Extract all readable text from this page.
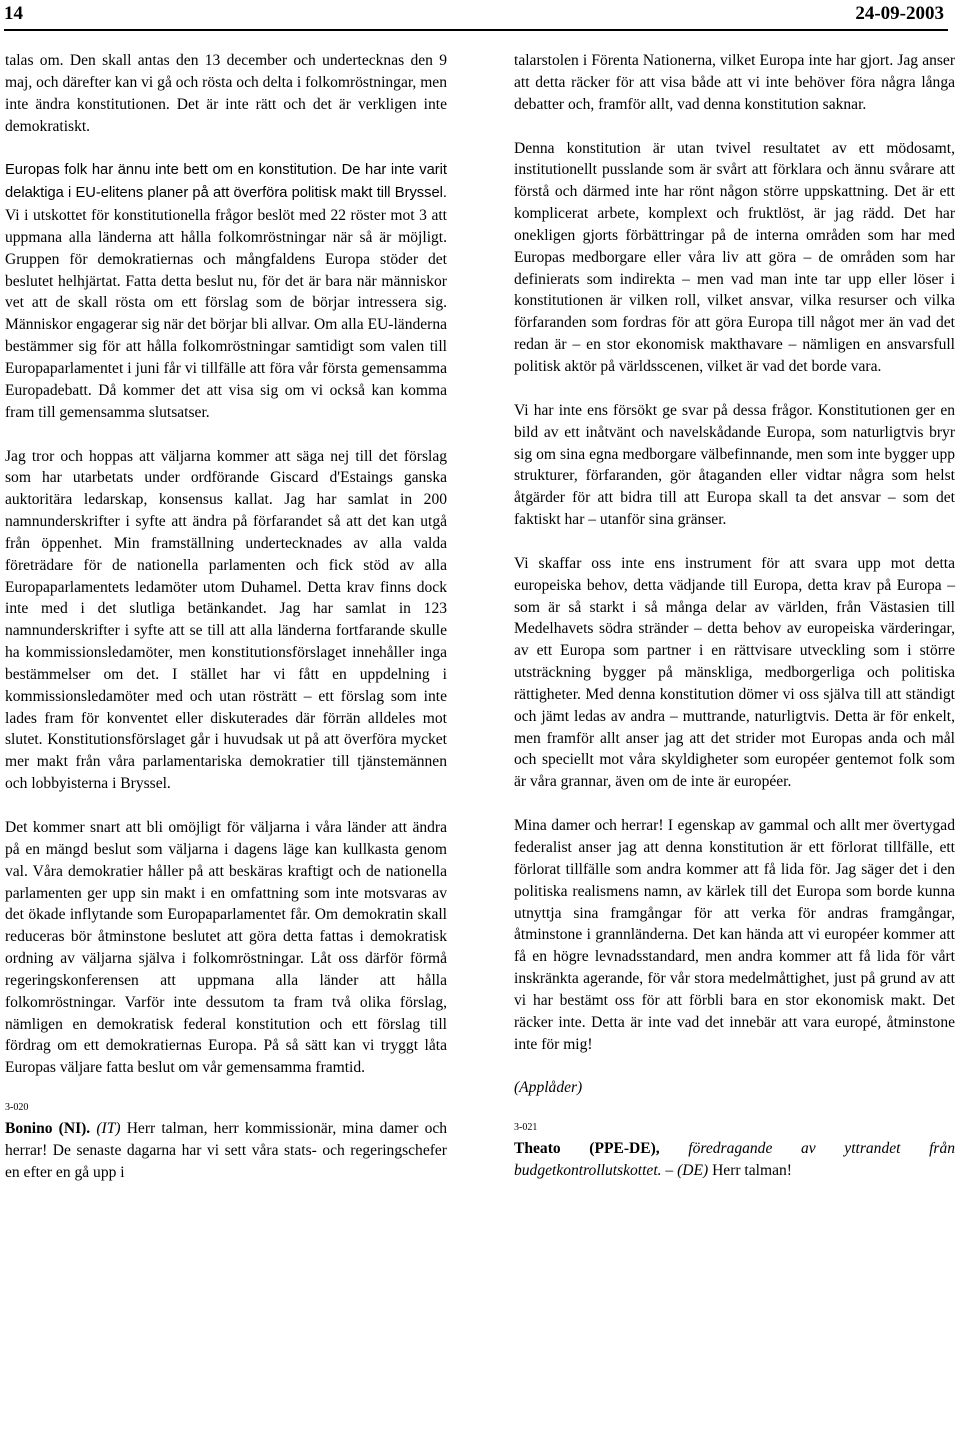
14	24-09-2003

talas om. Den skall antas den 13 december och undertecknas den 9 maj, och därefter kan vi gå och rösta och delta i folkomröstningar, men inte ändra konstitutionen. Det är inte rätt och det är verkligen inte demokratiskt.

Europas folk har ännu inte bett om en konstitution. De har inte varit delaktiga i EU-elitens planer på att överföra politisk makt till Bryssel. Vi i utskottet för konstitutionella frågor beslöt med 22 röster mot 3 att uppmana alla länderna att hålla folkomröstningar när så är möjligt. Gruppen för demokratiernas och mångfaldens Europa stöder det beslutet helhjärtat. Fatta detta beslut nu, för det är bara när människor vet att de skall rösta om ett förslag som de börjar intressera sig. Människor engagerar sig när det börjar bli allvar. Om alla EU-länderna bestämmer sig för att hålla folkomröstningar samtidigt som valen till Europaparlamentet i juni får vi tillfälle att föra vår första gemensamma Europadebatt. Då kommer det att visa sig om vi också kan komma fram till gemensamma slutsatser.

Jag tror och hoppas att väljarna kommer att säga nej till det förslag som har utarbetats under ordförande Giscard d'Estaings ganska auktoritära ledarskap, konsensus kallat. Jag har samlat in 200 namnunderskrifter i syfte att ändra på förfarandet så att det kan utgå från öppenhet. Min framställning undertecknades av alla valda företrädare för de nationella parlamenten och fick stöd av alla Europaparlamentets ledamöter utom Duhamel. Detta krav finns dock inte med i det slutliga betänkandet. Jag har samlat in 123 namnunderskrifter i syfte att se till att alla länderna fortfarande skulle ha kommissionsledamöter, men konstitutionsförslaget innehåller inga bestämmelser om det. I stället har vi fått en uppdelning i kommissionsledamöter med och utan rösträtt – ett förslag som inte lades fram för konventet eller diskuterades där förrän alldeles mot slutet. Konstitutionsförslaget går i huvudsak ut på att överföra mycket mer makt från våra parlamentariska demokratier till tjänstemännen och lobbyisterna i Bryssel.

Det kommer snart att bli omöjligt för väljarna i våra länder att ändra på en mängd beslut som väljarna i dagens läge kan kullkasta genom val. Våra demokratier håller på att beskäras kraftigt och de nationella parlamenten ger upp sin makt i en omfattning som inte motsvaras av det ökade inflytande som Europaparlamentet får. Om demokratin skall reduceras bör åtminstone beslutet att göra detta fattas i demokratisk ordning av väljarna själva i folkomröstningar. Låt oss därför förmå regeringskonferensen att uppmana alla länder att hålla folkomröstningar. Varför inte dessutom ta fram två olika förslag, nämligen en demokratisk federal konstitution och ett förslag till fördrag om ett demokratiernas Europa. På så sätt kan vi tryggt låta Europas väljare fatta beslut om vår gemensamma framtid.

3-020

Bonino (NI). (IT) Herr talman, herr kommissionär, mina damer och herrar! De senaste dagarna har vi sett våra stats- och regeringschefer en efter en gå upp i

talarstolen i Förenta Nationerna, vilket Europa inte har gjort. Jag anser att detta räcker för att visa både att vi inte behöver föra några långa debatter och, framför allt, vad denna konstitution saknar.

Denna konstitution är utan tvivel resultatet av ett mödosamt, institutionellt pusslande som är svårt att förklara och ännu svårare att förstå och därmed inte har rönt någon större uppskattning. Det är ett komplicerat arbete, komplext och fruktlöst, är jag rädd. Det har onekligen gjorts förbättringar på de interna områden som har med Europas medborgare eller våra liv att göra – de områden som har definierats som indirekta – men vad man inte tar upp eller löser i konstitutionen är vilken roll, vilket ansvar, vilka resurser och vilka förfaranden som fordras för att göra Europa till något mer än vad det redan är – en stor ekonomisk makthavare – nämligen en ansvarsfull politisk aktör på världsscenen, vilket är vad det borde vara.

Vi har inte ens försökt ge svar på dessa frågor. Konstitutionen ger en bild av ett inåtvänt och navelskådande Europa, som naturligtvis bryr sig om sina egna medborgare välbefinnande, men som inte bygger upp strukturer, förfaranden, gör åtaganden eller vidtar några som helst åtgärder för att bidra till att Europa skall ta det ansvar – som det faktiskt har – utanför sina gränser.

Vi skaffar oss inte ens instrument för att svara upp mot detta europeiska behov, detta vädjande till Europa, detta krav på Europa – som är så starkt i så många delar av världen, från Västasien till Medelhavets södra stränder – detta behov av europeiska värderingar, av ett Europa som partner i en rättvisare utveckling som i större utsträckning bygger på mänskliga, medborgerliga och politiska rättigheter. Med denna konstitution dömer vi oss själva till att ständigt och jämt ledas av andra – muttrande, naturligtvis. Detta är för enkelt, men framför allt anser jag att det strider mot Europas anda och mål och speciellt mot våra skyldigheter som européer gentemot folk som är våra grannar, även om de inte är européer.

Mina damer och herrar! I egenskap av gammal och allt mer övertygad federalist anser jag att denna konstitution är ett förlorat tillfälle, ett förlorat tillfälle som andra kommer att få lida för. Jag säger det i den politiska realismens namn, av kärlek till det Europa som borde kunna utnyttja sina framgångar för att verka för andras framgångar, åtminstone i grannländerna. Det kan hända att vi européer kommer att få en högre levnadsstandard, men andra kommer att få lida för vårt inskränkta agerande, för vår stora medelmåttighet, just på grund av att vi har bestämt oss för att förbli bara en stor ekonomisk makt. Det räcker inte. Detta är inte vad det innebär att vara europé, åtminstone inte för mig!

(Applåder)

3-021

Theato (PPE-DE), föredragande av yttrandet från budgetkontrollutskottet. – (DE) Herr talman!
